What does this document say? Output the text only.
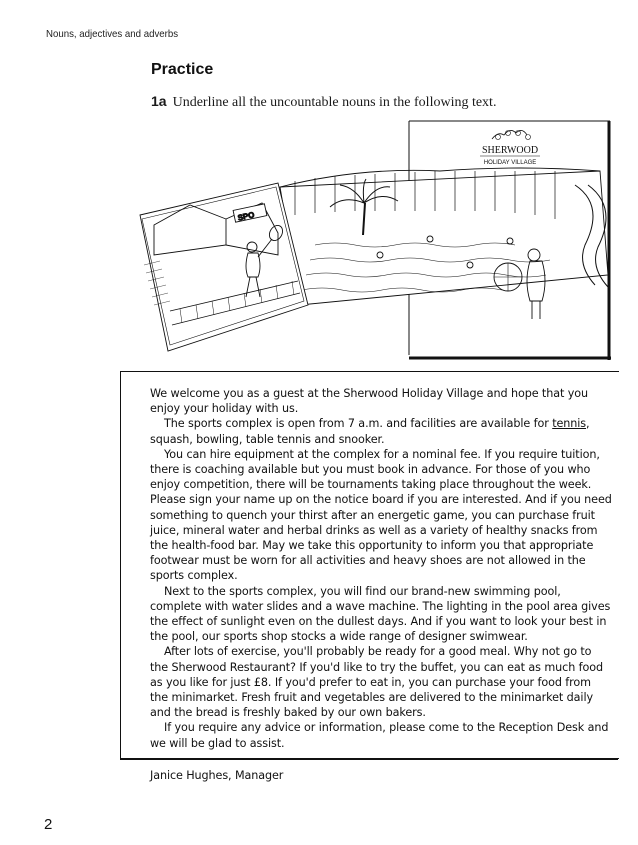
Nouns, adjectives and adverbs
Practice
1a Underline all the uncountable nouns in the following text.
SHERWOOD
HOLIDAY VILLAGE
SPO

We welcome you as a guest at the Sherwood Holiday Village and hope that you enjoy your holiday with us.

The sports complex is open from 7 a.m. and facilities are available for tennis, squash, bowling, table tennis and snooker.

You can hire equipment at the complex for a nominal fee. If you require tuition, there is coaching available but you must book in advance. For those of you who enjoy competition, there will be tournaments taking place throughout the week. Please sign your name up on the notice board if you are interested. And if you need something to quench your thirst after an energetic game, you can purchase fruit juice, mineral water and herbal drinks as well as a variety of healthy snacks from the health-food bar. May we take this opportunity to inform you that appropriate footwear must be worn for all activities and heavy shoes are not allowed in the sports complex.

Next to the sports complex, you will find our brand-new swimming pool, complete with water slides and a wave machine. The lighting in the pool area gives the effect of sunlight even on the dullest days. And if you want to look your best in the pool, our sports shop stocks a wide range of designer swimwear.

After lots of exercise, you'll probably be ready for a good meal. Why not go to the Sherwood Restaurant? If you'd like to try the buffet, you can eat as much food as you like for just £8. If you'd prefer to eat in, you can purchase your food from the minimarket. Fresh fruit and vegetables are delivered to the minimarket daily and the bread is freshly baked by our own bakers.

If you require any advice or information, please come to the Reception Desk and we will be glad to assist.

Janice Hughes, Manager

2
